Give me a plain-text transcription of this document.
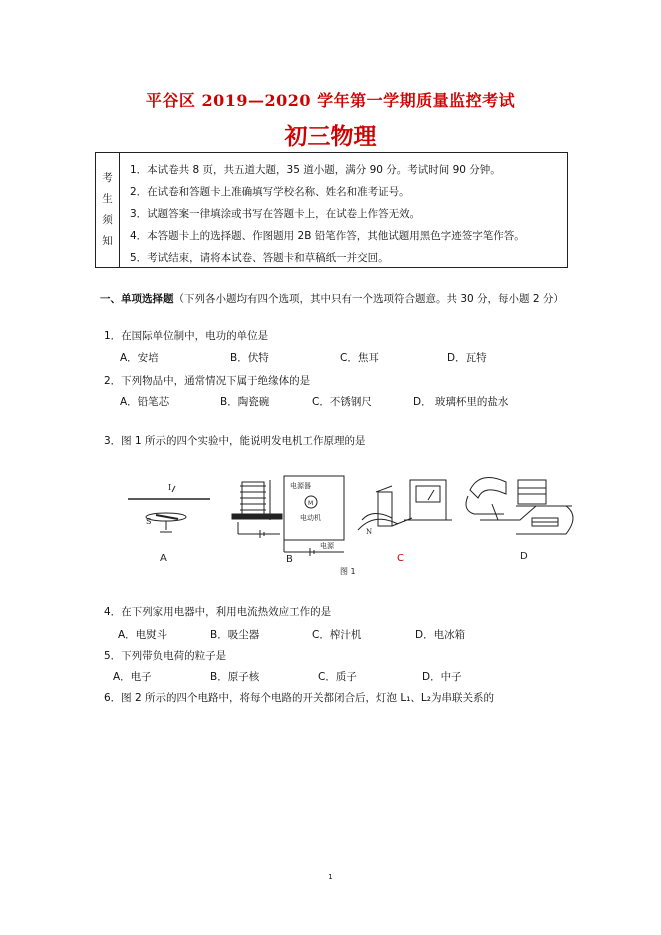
平谷区 2019—2020 学年第一学期质量监控考试
初三物理
考
生
须
知
1．本试卷共 8 页，共五道大题，35 道小题，满分 90 分。考试时间 90 分钟。
2．在试卷和答题卡上准确填写学校名称、姓名和准考证号。
3．试题答案一律填涂或书写在答题卡上，在试卷上作答无效。
4．本答题卡上的选择题、作图题用 2B 铅笔作答，其他试题用黑色字迹签字笔作答。
5．考试结束，请将本试卷、答题卡和草稿纸一并交回。
一、单项选择题（下列各小题均有四个选项，其中只有一个选项符合题意。共 30 分，每小题 2 分）
1．在国际单位制中，电功的单位是
A．安培	B．伏特	C．焦耳	D．瓦特
2．下列物品中，通常情况下属于绝缘体的是
A．铅笔芯	B．陶瓷碗	C．不锈钢尺	D． 玻璃杯里的盐水
3．图 1 所示的四个实验中，能说明发电机工作原理的是
I
S
电源器
M
电动机
电源
N
A	B	C	D
图 1
4．在下列家用电器中，利用电流热效应工作的是
A．电熨斗	B．吸尘器	C．榨汁机	D．电冰箱
5．下列带负电荷的粒子是
A．电子	B．原子核	C．质子	D．中子
6．图 2 所示的四个电路中，将每个电路的开关都闭合后，灯泡 L₁、L₂为串联关系的
1
